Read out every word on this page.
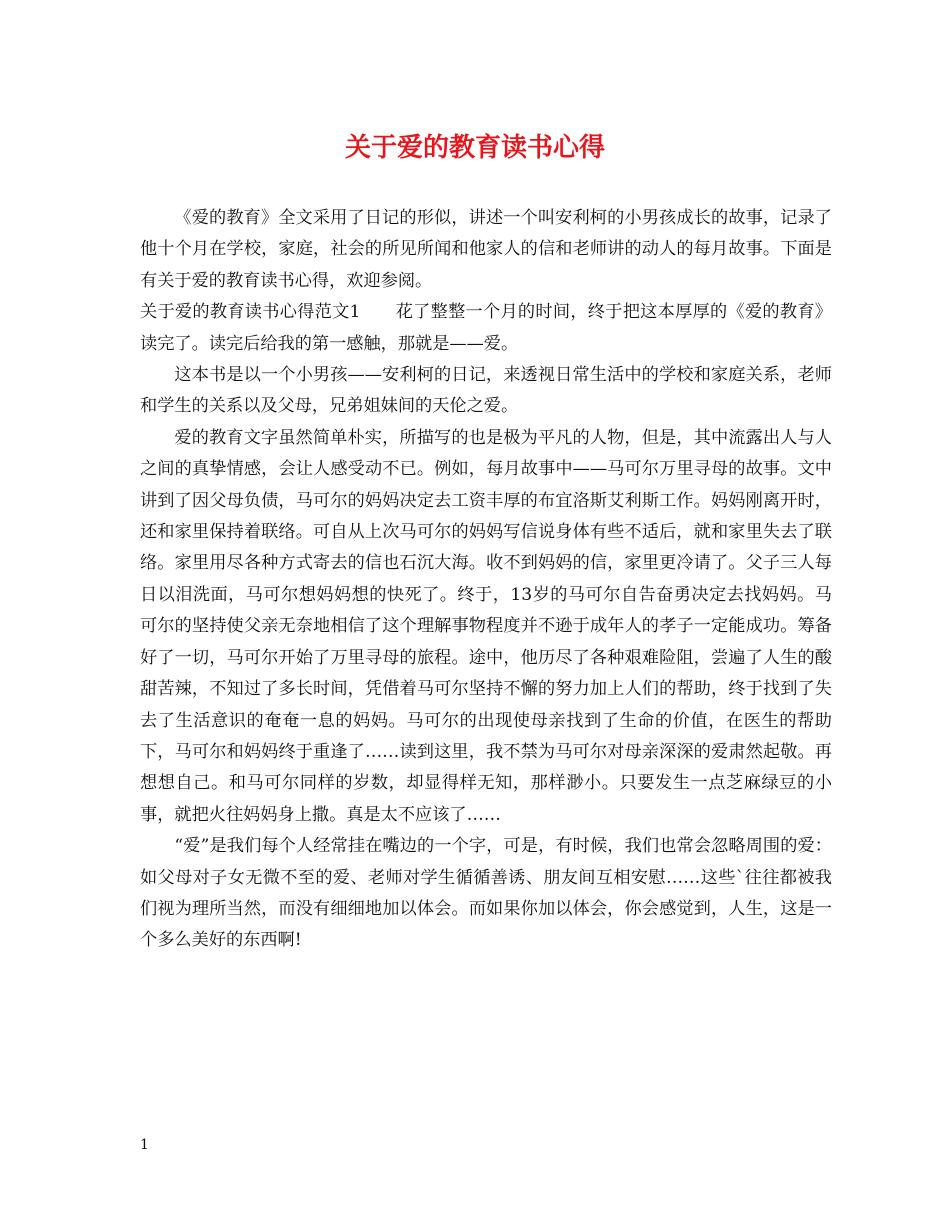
关于爱的教育读书心得

《爱的教育》全文采用了日记的形似，讲述一个叫安利柯的小男孩成长的故事，记录了他十个月在学校，家庭，社会的所见所闻和他家人的信和老师讲的动人的每月故事。下面是有关于爱的教育读书心得，欢迎参阅。

关于爱的教育读书心得范文1　　花了整整一个月的时间，终于把这本厚厚的《爱的教育》读完了。读完后给我的第一感触，那就是——爱。

这本书是以一个小男孩——安利柯的日记，来透视日常生活中的学校和家庭关系，老师和学生的关系以及父母，兄弟姐妹间的天伦之爱。

爱的教育文字虽然简单朴实，所描写的也是极为平凡的人物，但是，其中流露出人与人之间的真挚情感，会让人感受动不已。例如，每月故事中——马可尔万里寻母的故事。文中讲到了因父母负债，马可尔的妈妈决定去工资丰厚的布宜洛斯艾利斯工作。妈妈刚离开时，还和家里保持着联络。可自从上次马可尔的妈妈写信说身体有些不适后，就和家里失去了联络。家里用尽各种方式寄去的信也石沉大海。收不到妈妈的信，家里更冷请了。父子三人每日以泪洗面，马可尔想妈妈想的快死了。终于，13岁的马可尔自告奋勇决定去找妈妈。马可尔的坚持使父亲无奈地相信了这个理解事物程度并不逊于成年人的孝子一定能成功。筹备好了一切，马可尔开始了万里寻母的旅程。途中，他历尽了各种艰难险阻，尝遍了人生的酸甜苦辣，不知过了多长时间，凭借着马可尔坚持不懈的努力加上人们的帮助，终于找到了失去了生活意识的奄奄一息的妈妈。马可尔的出现使母亲找到了生命的价值，在医生的帮助下，马可尔和妈妈终于重逢了……读到这里，我不禁为马可尔对母亲深深的爱肃然起敬。再想想自己。和马可尔同样的岁数，却显得样无知，那样渺小。只要发生一点芝麻绿豆的小事，就把火往妈妈身上撒。真是太不应该了……

“爱”是我们每个人经常挂在嘴边的一个字，可是，有时候，我们也常会忽略周围的爱：如父母对子女无微不至的爱、老师对学生循循善诱、朋友间互相安慰……这些`往往都被我们视为理所当然，而没有细细地加以体会。而如果你加以体会，你会感觉到，人生，这是一个多么美好的东西啊!

1
